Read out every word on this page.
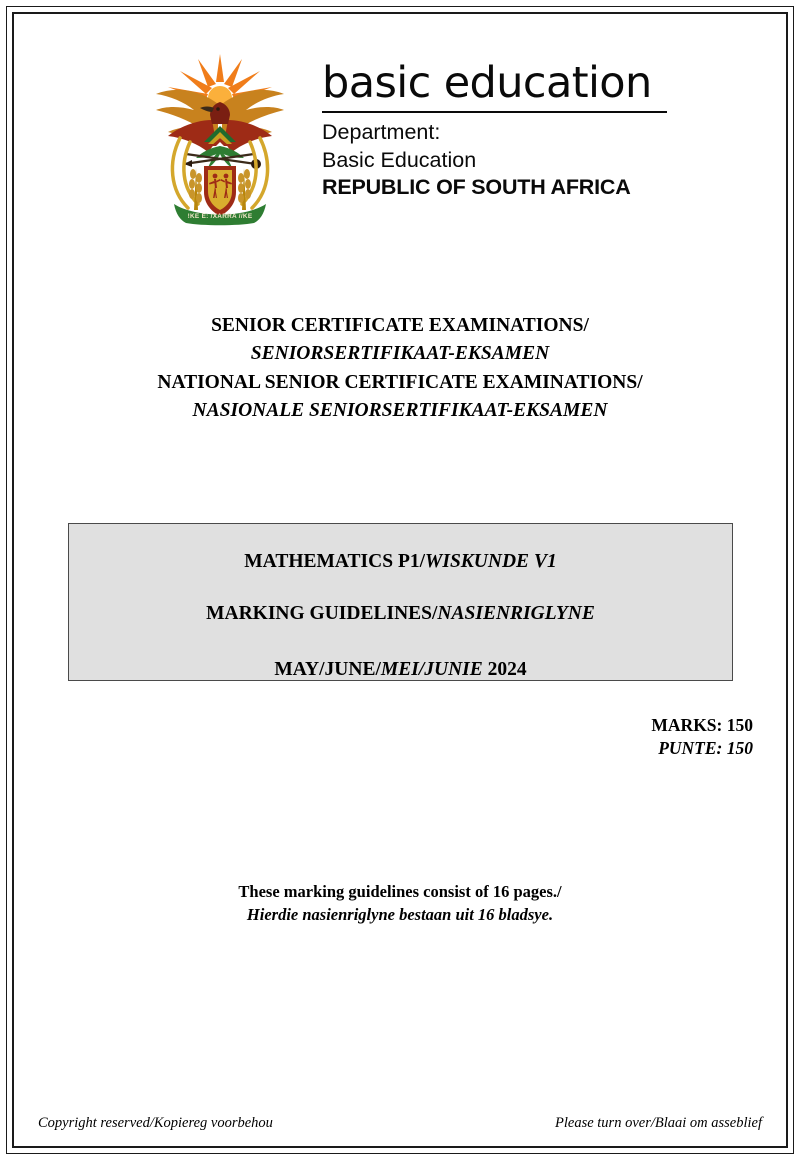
!KE E: /XARRA //KE
basic education
Department:
Basic Education
REPUBLIC OF SOUTH AFRICA
SENIOR CERTIFICATE EXAMINATIONS/
SENIORSERTIFIKAAT-EKSAMEN
NATIONAL SENIOR CERTIFICATE EXAMINATIONS/
NASIONALE SENIORSERTIFIKAAT-EKSAMEN
MATHEMATICS P1/WISKUNDE V1
MARKING GUIDELINES/NASIENRIGLYNE
MAY/JUNE/MEI/JUNIE 2024
MARKS: 150
PUNTE: 150
These marking guidelines consist of 16 pages./
Hierdie nasienriglyne bestaan uit 16 bladsye.
Copyright reserved/Kopiereg voorbehou	Please turn over/Blaai om asseblief
